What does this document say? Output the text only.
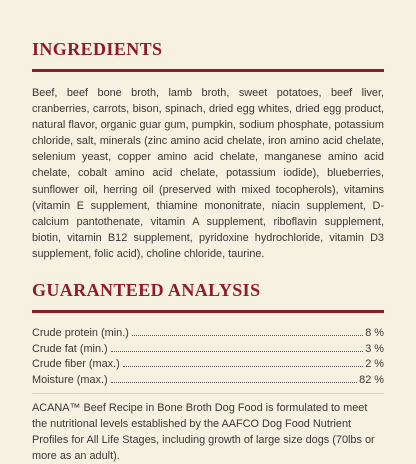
INGREDIENTS

Beef, beef bone broth, lamb broth, sweet potatoes, beef liver, cranberries, carrots, bison, spinach, dried egg whites, dried egg product, natural flavor, organic guar gum, pumpkin, sodium phosphate, potassium chloride, salt, minerals (zinc amino acid chelate, iron amino acid chelate, selenium yeast, copper amino acid chelate, manganese amino acid chelate, cobalt amino acid chelate, potassium iodide), blueberries, sunflower oil, herring oil (preserved with mixed tocopherols), vitamins (vitamin E supplement, thiamine mononitrate, niacin supplement, D-calcium pantothenate, vitamin A supplement, riboflavin supplement, biotin, vitamin B12 supplement, pyridoxine hydrochloride, vitamin D3 supplement, folic acid), choline chloride, taurine.

GUARANTEED ANALYSIS
Crude protein (min.)	8 %
Crude fat (min.)	3 %
Crude fiber (max.)	2 %
Moisture (max.)	82 %

ACANA™ Beef Recipe in Bone Broth Dog Food is formulated to meet the nutritional levels established by the AAFCO Dog Food Nutrient Profiles for All Life Stages, including growth of large size dogs (70lbs or more as an adult).
